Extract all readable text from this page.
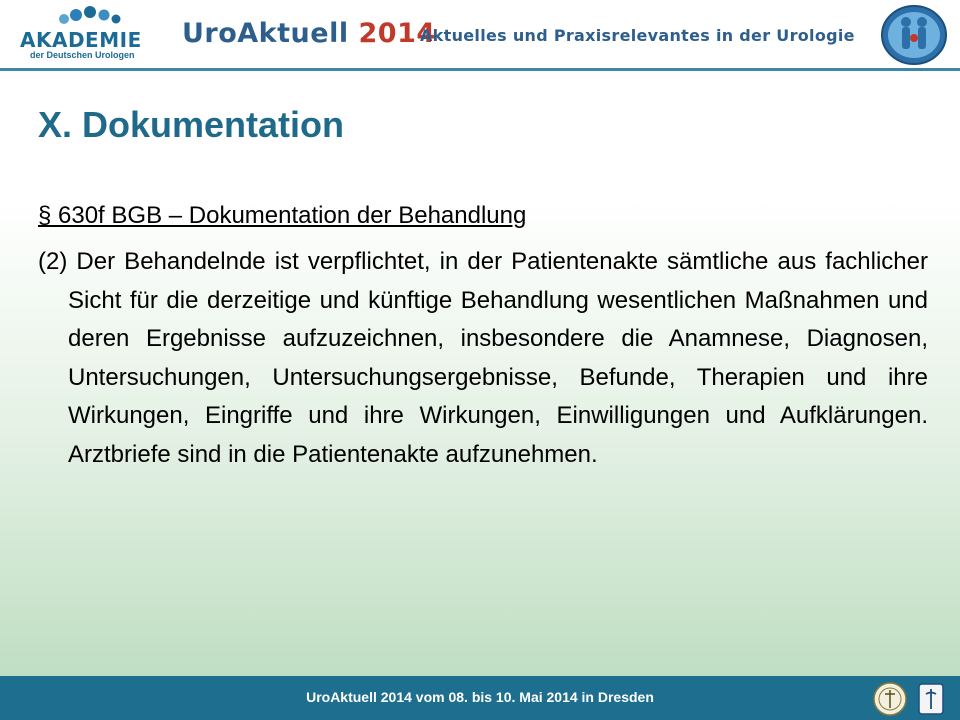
AKADEMIE
der Deutschen Urologen
UroAktuell 2014
Aktuelles und Praxisrelevantes in der Urologie
X. Dokumentation
§ 630f BGB – Dokumentation der Behandlung
(2) Der Behandelnde ist verpflichtet, in der Patientenakte sämtliche aus fachlicher Sicht für die derzeitige und künftige Behandlung wesentlichen Maßnahmen und deren Ergebnisse aufzuzeichnen, insbesondere die Anamnese, Diagnosen, Untersuchungen, Untersuchungsergebnisse, Befunde, Therapien und ihre Wirkungen, Eingriffe und ihre Wirkungen, Einwilligungen und Aufklärungen. Arztbriefe sind in die Patientenakte aufzunehmen.
UroAktuell 2014 vom 08. bis 10. Mai 2014 in Dresden
